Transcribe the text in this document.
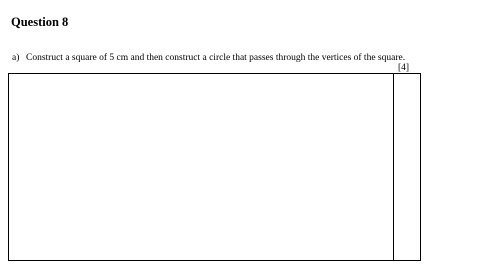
Question 8
a) Construct a square of 5 cm and then construct a circle that passes through the vertices of the square.
[4]
